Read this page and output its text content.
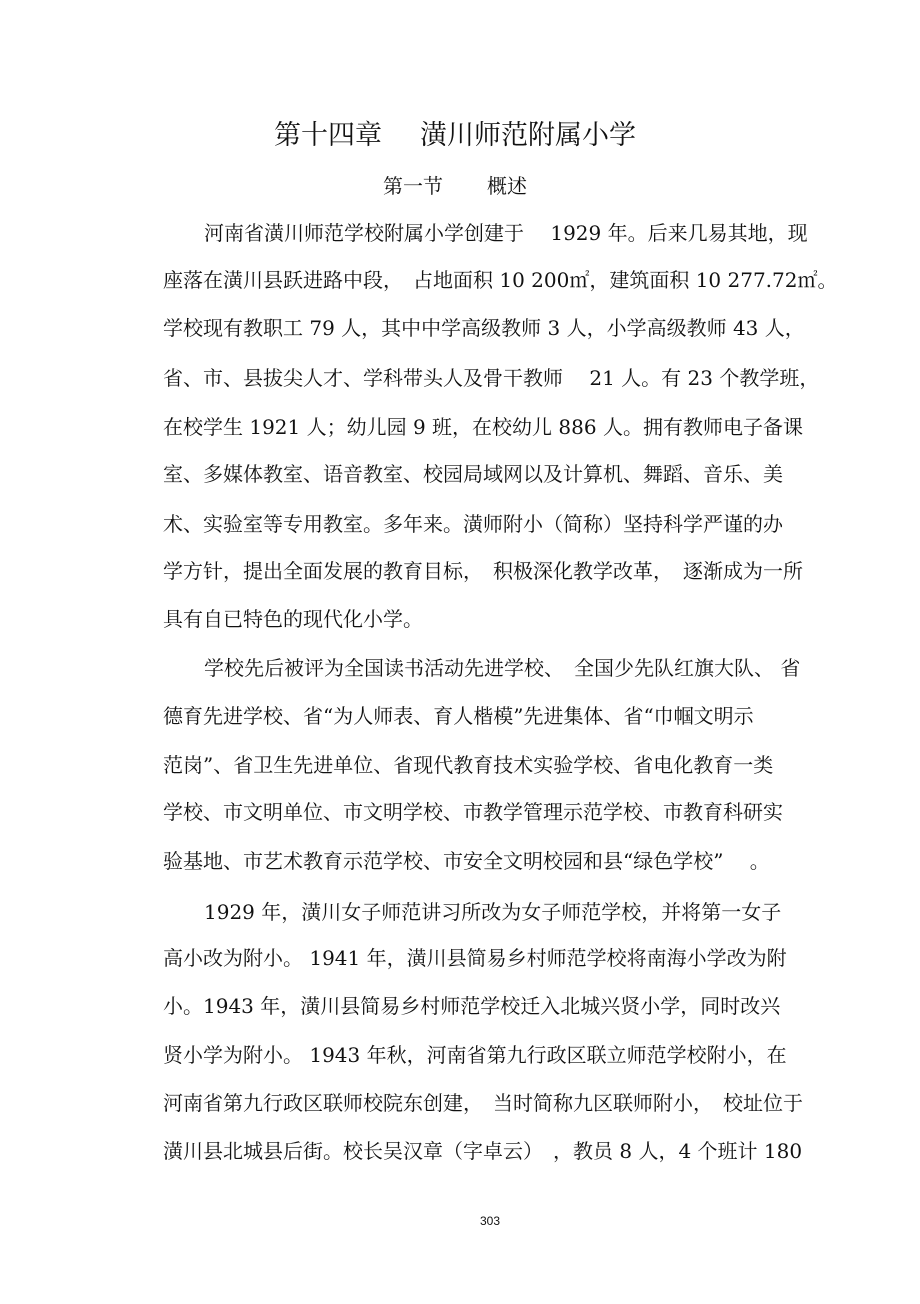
第十四章 潢川师范附属小学
第一节 概述
河南省潢川师范学校附属小学创建于　 1929 年。后来几易其地，现
座落在潢川县跃进路中段，　占地面积 10 200㎡，建筑面积 10 277.72㎡。
学校现有教职工 79 人，其中中学高级教师 3 人，小学高级教师 43 人，
省、市、县拔尖人才、学科带头人及骨干教师　 21 人。有 23 个教学班，
在校学生 1921 人；幼儿园 9 班，在校幼儿 886 人。拥有教师电子备课
室、多媒体教室、语音教室、校园局域网以及计算机、舞蹈、音乐、美
术、实验室等专用教室。多年来。潢师附小（简称）坚持科学严谨的办
学方针，提出全面发展的教育目标，　积极深化教学改革，　逐渐成为一所
具有自已特色的现代化小学。
学校先后被评为全国读书活动先进学校、　全国少先队红旗大队、 省
德育先进学校、省“为人师表、育人楷模”先进集体、省“巾帼文明示
范岗”、省卫生先进单位、省现代教育技术实验学校、省电化教育一类
学校、市文明单位、市文明学校、市教学管理示范学校、市教育科研实
验基地、市艺术教育示范学校、市安全文明校园和县“绿色学校”　 。
1929 年，潢川女子师范讲习所改为女子师范学校，并将第一女子
高小改为附小。 1941 年，潢川县简易乡村师范学校将南海小学改为附
小。1943 年，潢川县简易乡村师范学校迁入北城兴贤小学，同时改兴
贤小学为附小。 1943 年秋，河南省第九行政区联立师范学校附小，在
河南省第九行政区联师校院东创建，　当时简称九区联师附小，　校址位于
潢川县北城县后街。校长吴汉章（字卓云）　，教员 8 人，4 个班计 180
303
